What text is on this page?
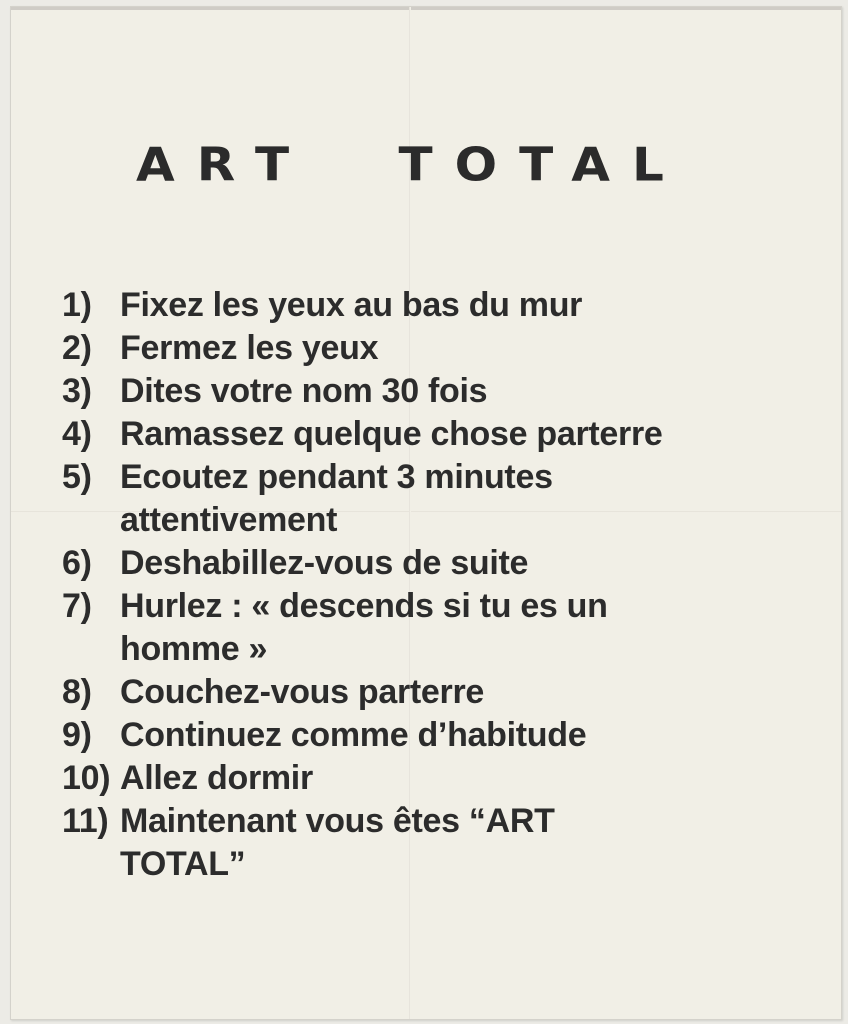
ART TOTAL
1) Fixez les yeux au bas du mur
2) Fermez les yeux
3) Dites votre nom 30 fois
4) Ramassez quelque chose parterre
5) Ecoutez pendant 3 minutes
attentivement
6) Deshabillez-vous de suite
7) Hurlez : « descends si tu es un
homme »
8) Couchez-vous parterre
9) Continuez comme d’habitude
10) Allez dormir
11) Maintenant vous êtes “ART
TOTAL”
